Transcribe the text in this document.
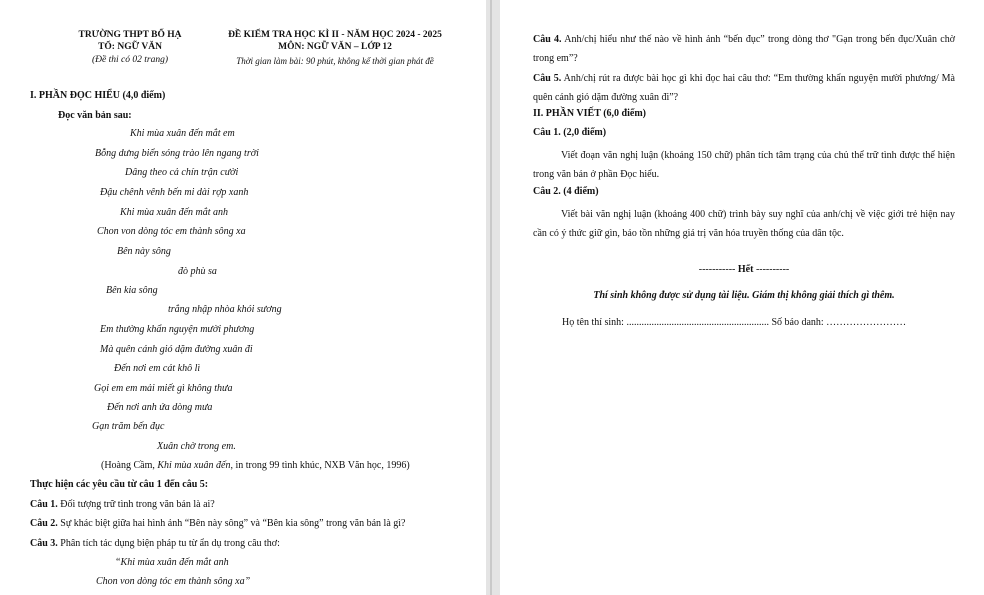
TRƯỜNG THPT BỐ HẠ
TỔ: NGỮ VĂN
(Đề thi có 02 trang)
ĐỀ KIỂM TRA HỌC KÌ II - NĂM HỌC 2024 - 2025
MÔN: NGỮ VĂN – LỚP 12
Thời gian làm bài: 90 phút, không kể thời gian phát đề
I. PHẦN ĐỌC HIỂU (4,0 điểm)
Đọc văn bản sau:
Khi mùa xuân đến mắt em
Bỗng dưng biển sóng trào lên ngang trời
Dâng theo cả chín trận cười
Đậu chênh vênh bến mi dài rợp xanh
Khi mùa xuân đến mắt anh
Chon von dòng tóc em thành sông xa
Bên này sông
đò phù sa
Bên kia sông
trắng nhập nhòa khói sương
Em thường khẩn nguyện mười phương
Mà quên cánh gió dặm đường xuân đi
Đến nơi em cát khô lì
Gọi em em mải miết gì không thưa
Đến nơi anh ứa dòng mưa
Gạn trăm bến đục
Xuân chờ trong em.
(Hoàng Cầm, Khi mùa xuân đến, in trong 99 tình khúc, NXB Văn học, 1996)
Thực hiện các yêu cầu từ câu 1 đến câu 5:
Câu 1. Đối tượng trữ tình trong văn bản là ai?
Câu 2. Sự khác biệt giữa hai hình ảnh “Bên này sông” và “Bên kia sông” trong văn bản là gì?
Câu 3. Phân tích tác dụng biện pháp tu từ ẩn dụ trong câu thơ:
“Khi mùa xuân đến mắt anh
Chon von dòng tóc em thành sông xa”
Câu 4. Anh/chị hiểu như thế nào về hình ảnh “bến đục” trong dòng thơ "Gạn trong bến đục/Xuân chờ trong em”?
Câu 5. Anh/chị rút ra được bài học gì khi đọc hai câu thơ: “Em thường khẩn nguyện mười phương/ Mà quên cánh gió dặm đường xuân đi”?
II. PHẦN VIẾT (6,0 điểm)
Câu 1. (2,0 điểm)
Viết đoạn văn nghị luận (khoảng 150 chữ) phân tích tâm trạng của chủ thể trữ tình được thể hiện trong văn bản ở phần Đọc hiểu.
Câu 2. (4 điểm)
Viết bài văn nghị luận (khoảng 400 chữ) trình bày suy nghĩ của anh/chị về việc giới trẻ hiện nay cần có ý thức giữ gìn, bảo tồn những giá trị văn hóa truyền thống của dân tộc.
----------- Hết ----------
Thí sinh không được sử dụng tài liệu. Giám thị không giải thích gì thêm.
Họ tên thí sinh: ......................................................... Số báo danh: ……………………
